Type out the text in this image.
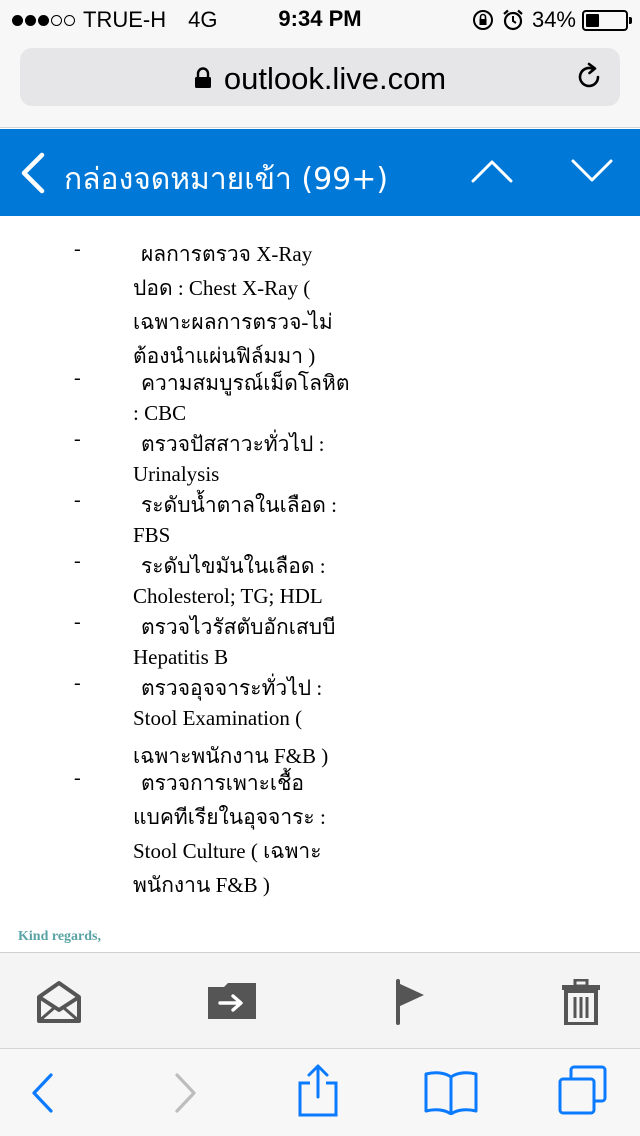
TRUE-H 4G	9:34 PM	34%
outlook.live.com
กล่องจดหมายเข้า (99+)
-	ผลการตรวจ X-Ray
ปอด : Chest X-Ray (
เฉพาะผลการตรวจ-ไม่
ต้องนำแผ่นฟิล์มมา )
-	ความสมบูรณ์เม็ดโลหิต
: CBC
-	ตรวจปัสสาวะทั่วไป :
Urinalysis
-	ระดับน้ำตาลในเลือด :
FBS
-	ระดับไขมันในเลือด :
Cholesterol; TG; HDL
-	ตรวจไวรัสตับอักเสบบี
Hepatitis B
-	ตรวจอุจจาระทั่วไป :
Stool Examination (
เฉพาะพนักงาน F&B )
-	ตรวจการเพาะเชื้อ
แบคทีเรียในอุจจาระ :
Stool Culture ( เฉพาะ
พนักงาน F&B )
Kind regards,
